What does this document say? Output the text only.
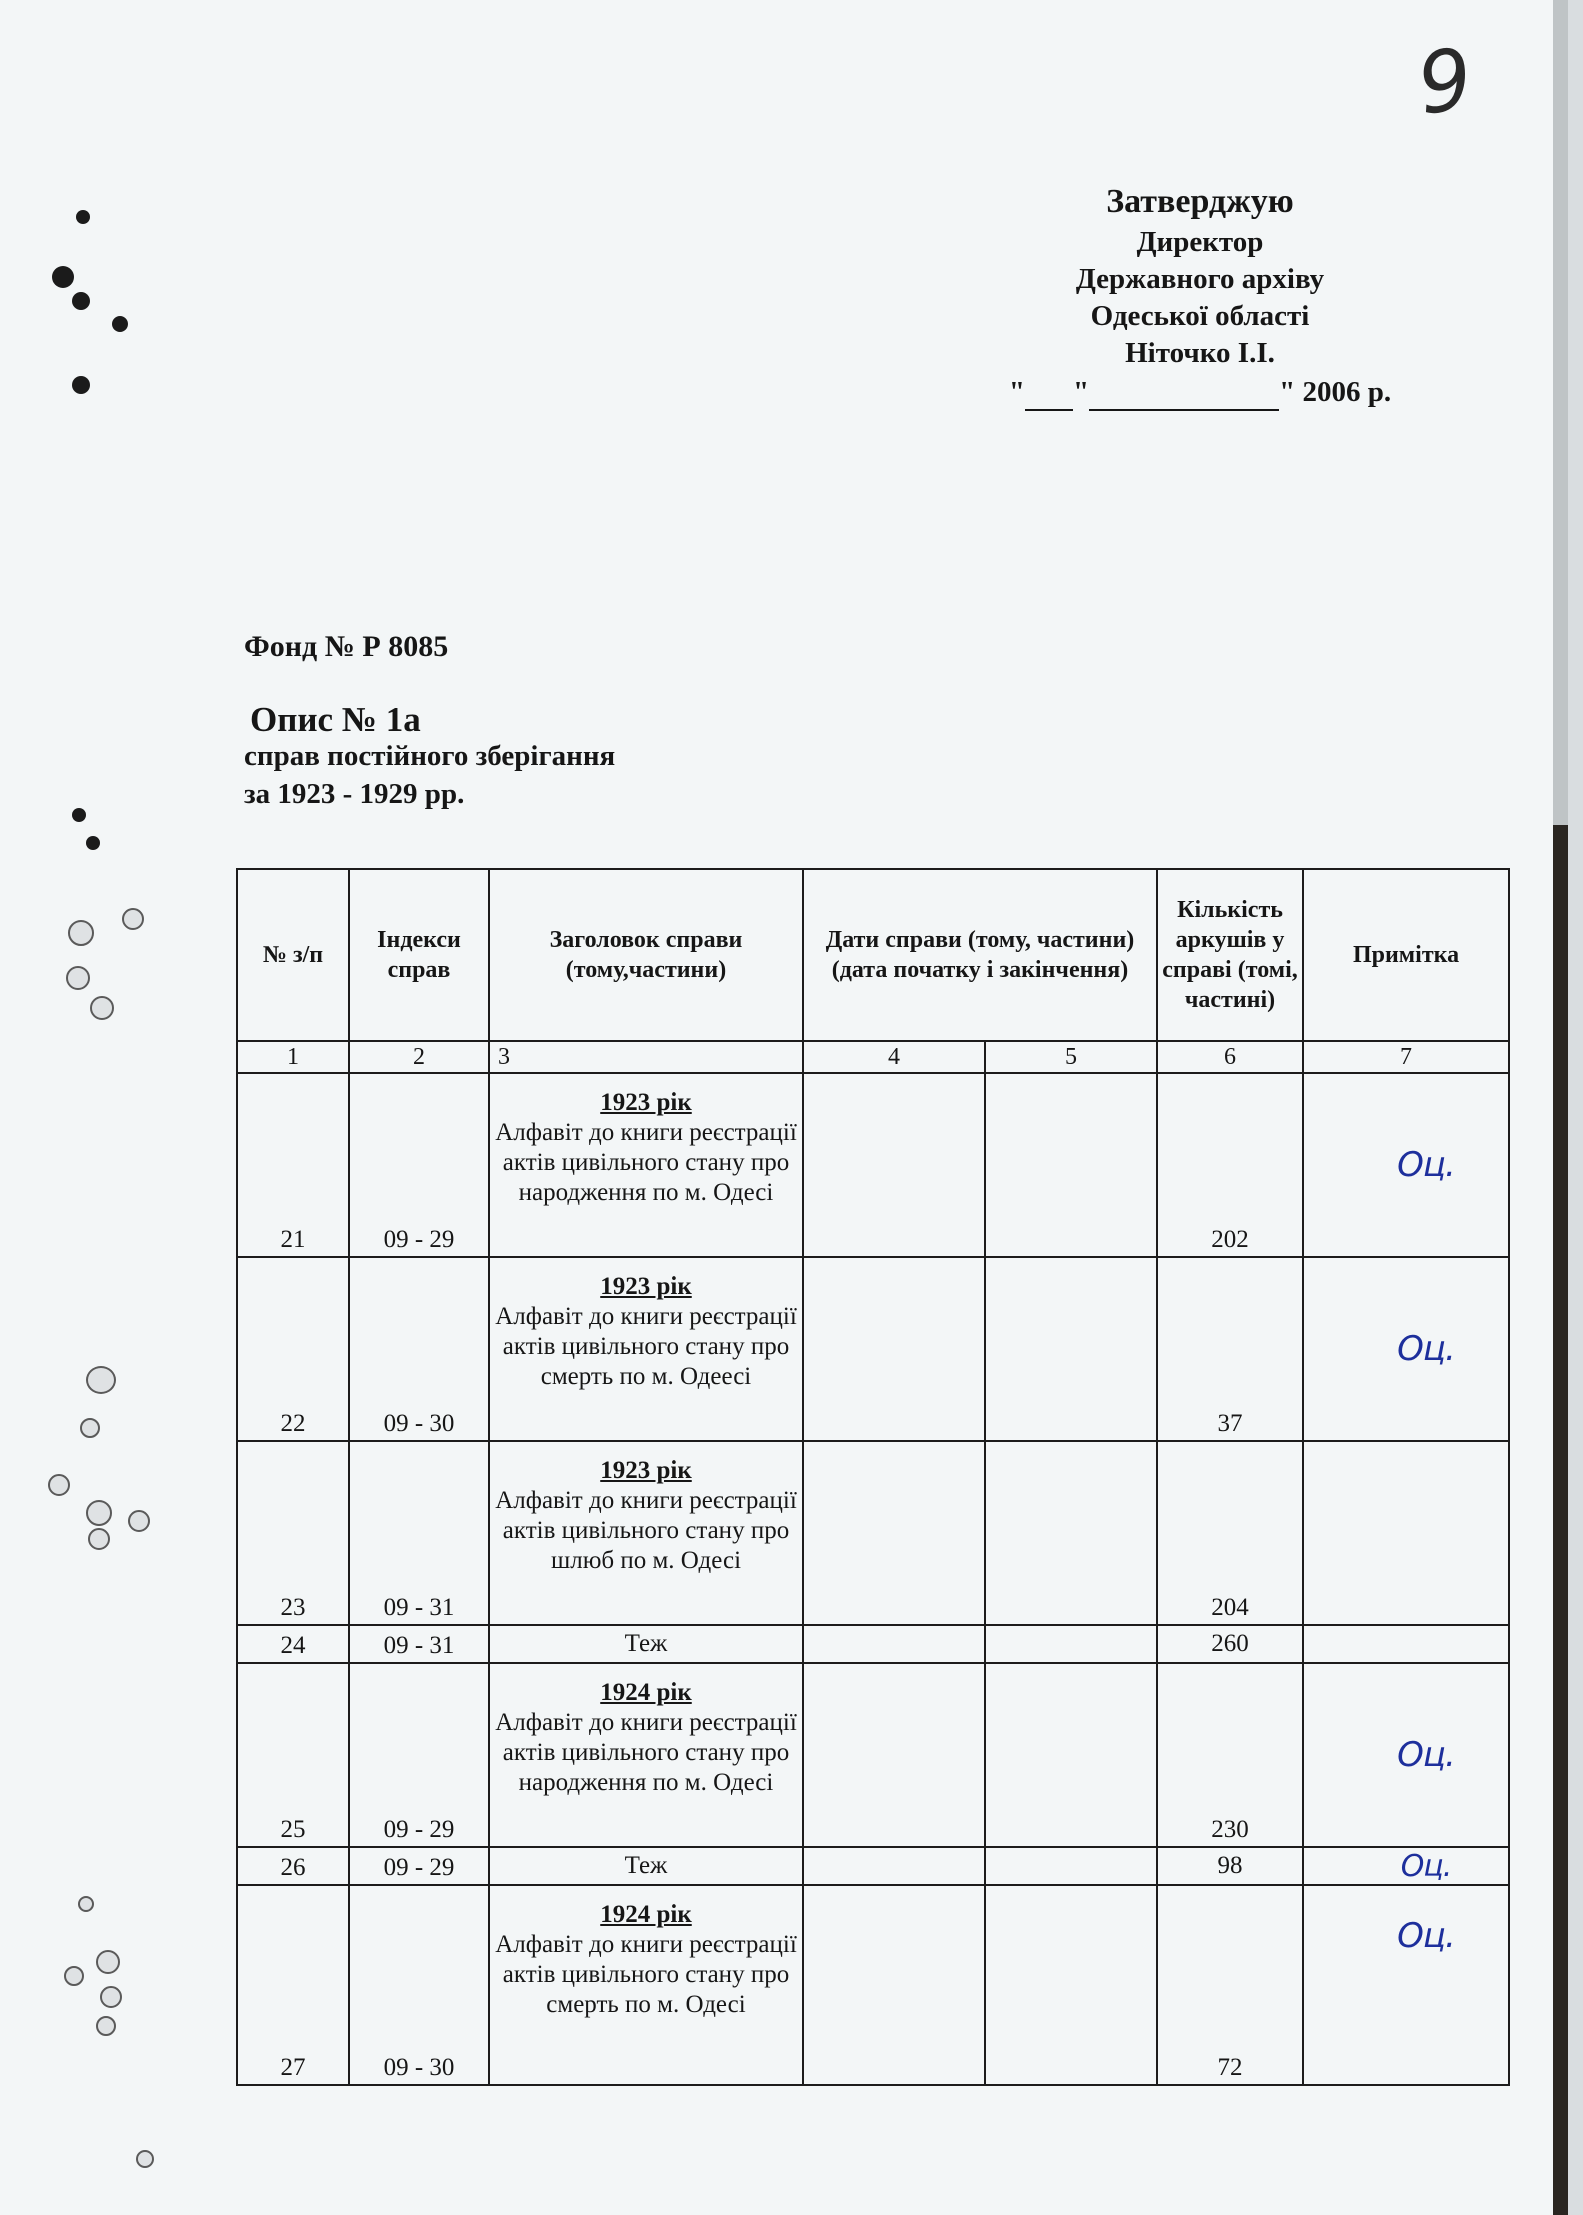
9
Затверджую
Директор
Державного архіву
Одеської області
Ніточко І.І.
" "	" 2006 р.
Фонд № Р 8085
Опис № 1а
справ постійного зберігання
за 1923 - 1929 рр.
№ з/п	Індекси справ	Заголовок справи (тому,частини)	Дати справи (тому, частини) (дата початку і закінчення)		Кількість аркушів у справі (томі, частині)	Примітка
1	2	3	4	5	6	7
21	09 - 29	1923 рік
Алфавіт до книги реєстрації актів цивільного стану про народження по м. Одесі			202	Оц.
22	09 - 30	1923 рік
Алфавіт до книги реєстрації актів цивільного стану про смерть по м. Одеесі			37	Оц.
23	09 - 31	1923 рік
Алфавіт до книги реєстрації актів цивільного стану про шлюб по м. Одесі			204	
24	09 - 31	Теж			260	
25	09 - 29	1924 рік
Алфавіт до книги реєстрації актів цивільного стану про народження по м. Одесі			230	Оц.
26	09 - 29	Теж			98	Оц.
27	09 - 30	1924 рік
Алфавіт до книги реєстрації актів цивільного стану про смерть по м. Одесі			72	Оц.
